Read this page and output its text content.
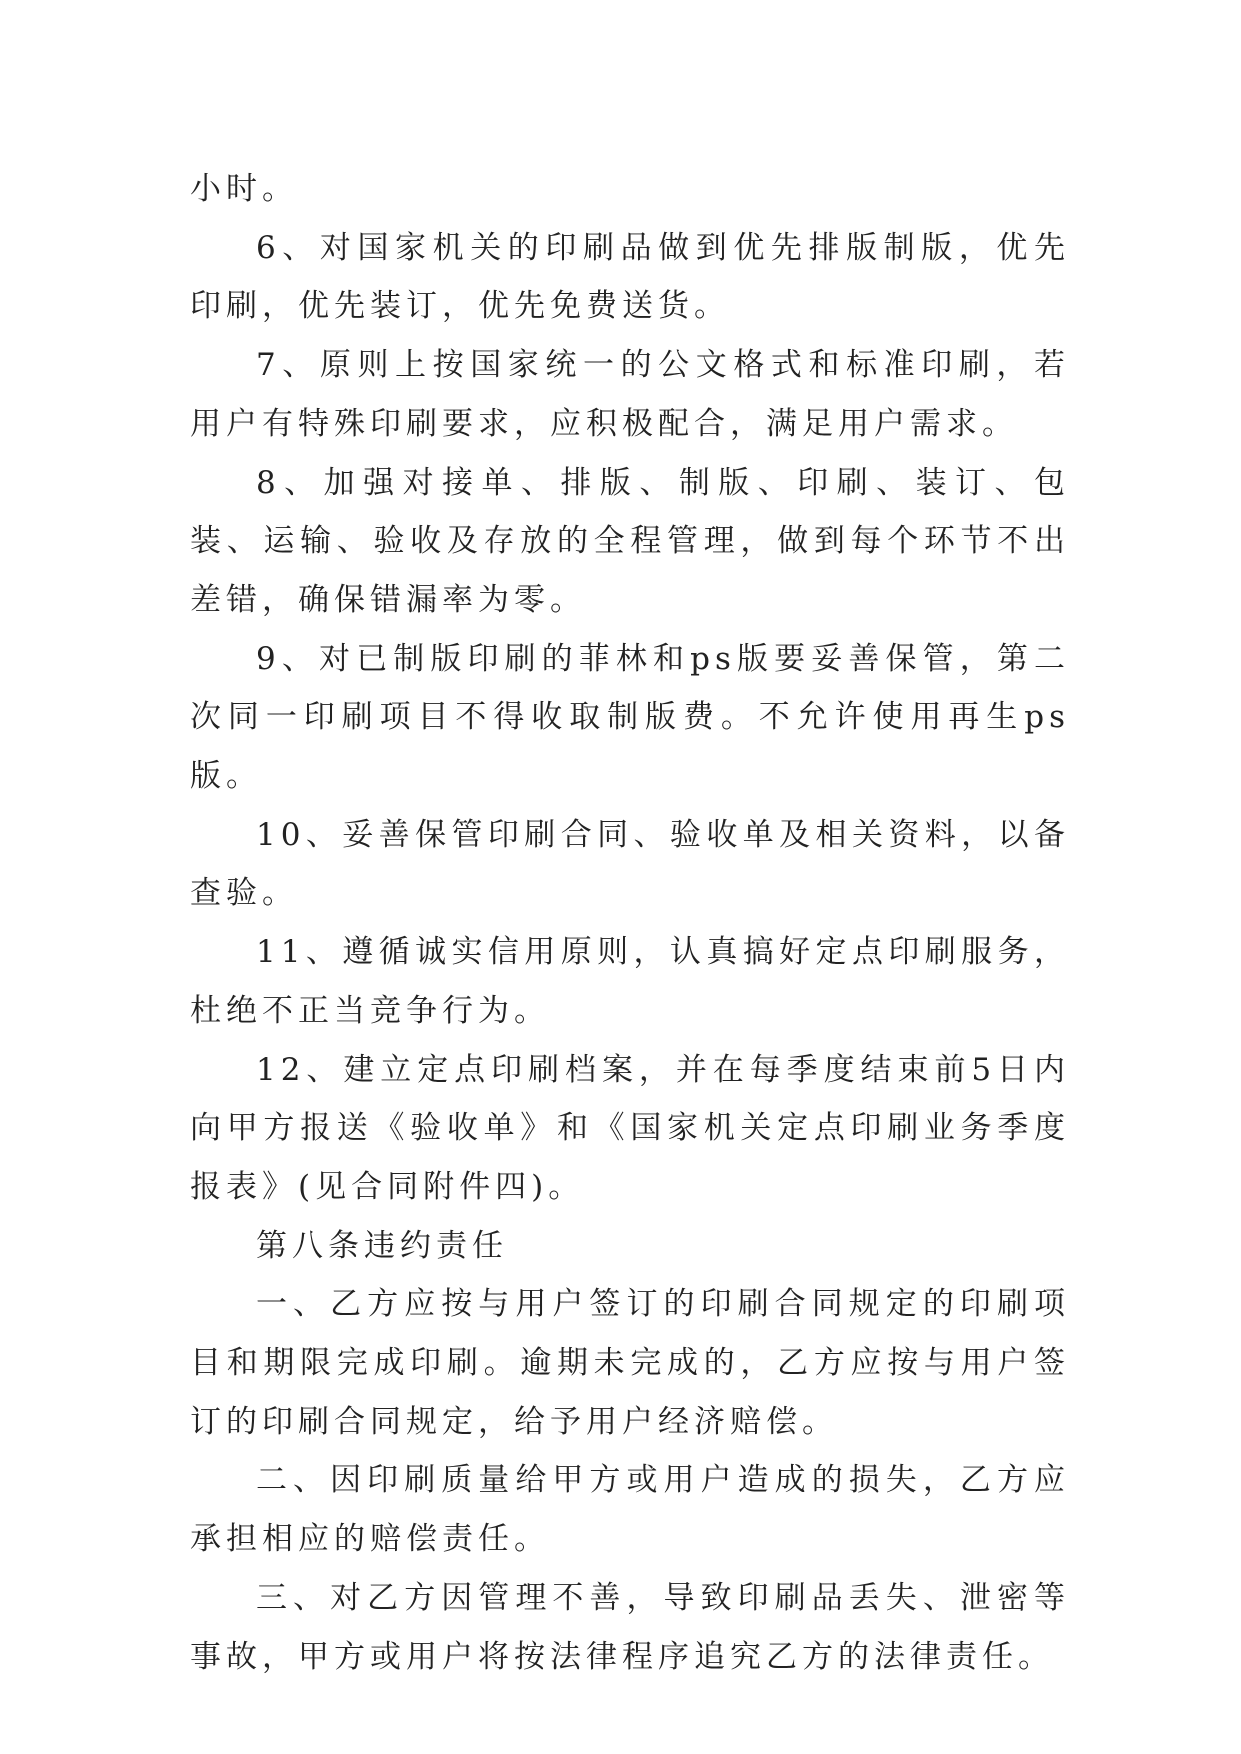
小时。

6、对国家机关的印刷品做到优先排版制版，优先印刷，优先装订，优先免费送货。

7、原则上按国家统一的公文格式和标准印刷，若用户有特殊印刷要求，应积极配合，满足用户需求。

8、加强对接单、排版、制版、印刷、装订、包装、运输、验收及存放的全程管理，做到每个环节不出差错，确保错漏率为零。

9、对已制版印刷的菲林和ps版要妥善保管，第二次同一印刷项目不得收取制版费。不允许使用再生ps版。

10、妥善保管印刷合同、验收单及相关资料，以备查验。

11、遵循诚实信用原则，认真搞好定点印刷服务，杜绝不正当竞争行为。

12、建立定点印刷档案，并在每季度结束前5日内向甲方报送《验收单》和《国家机关定点印刷业务季度报表》(见合同附件四)。

第八条违约责任

一、乙方应按与用户签订的印刷合同规定的印刷项目和期限完成印刷。逾期未完成的，乙方应按与用户签订的印刷合同规定，给予用户经济赔偿。

二、因印刷质量给甲方或用户造成的损失，乙方应承担相应的赔偿责任。

三、对乙方因管理不善，导致印刷品丢失、泄密等事故，甲方或用户将按法律程序追究乙方的法律责任。
